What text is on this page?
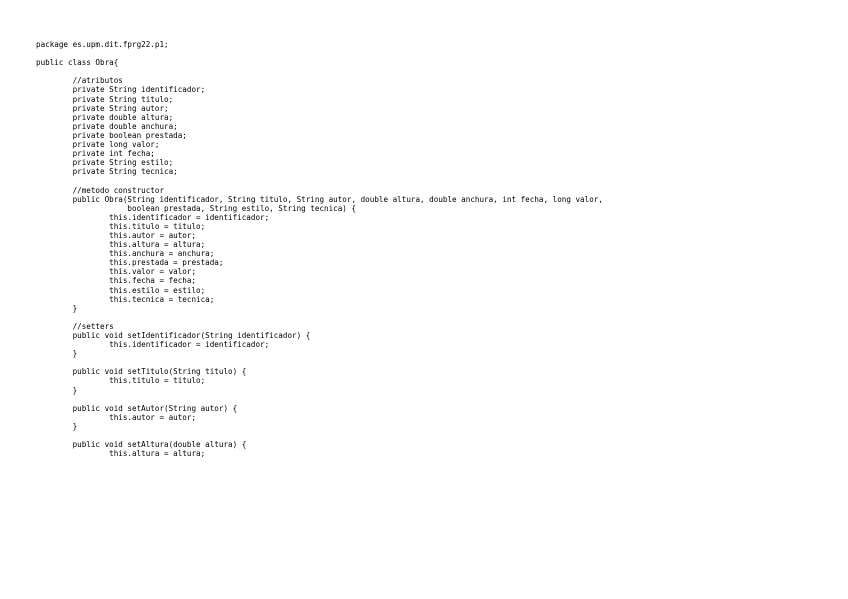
package es.upm.dit.fprg22.p1;

public class Obra{

//atributos
private String identificador;
private String titulo;
private String autor;
private double altura;
private double anchura;
private boolean prestada;
private long valor;
private int fecha;
private String estilo;
private String tecnica;

//metodo constructor
public Obra(String identificador, String titulo, String autor, double altura, double anchura, int fecha, long valor,
boolean prestada, String estilo, String tecnica) {
this.identificador = identificador;
this.titulo = titulo;
this.autor = autor;
this.altura = altura;
this.anchura = anchura;
this.prestada = prestada;
this.valor = valor;
this.fecha = fecha;
this.estilo = estilo;
this.tecnica = tecnica;
}

//setters
public void setIdentificador(String identificador) {
this.identificador = identificador;
}

public void setTitulo(String titulo) {
this.titulo = titulo;
}

public void setAutor(String autor) {
this.autor = autor;
}

public void setAltura(double altura) {
this.altura = altura;
